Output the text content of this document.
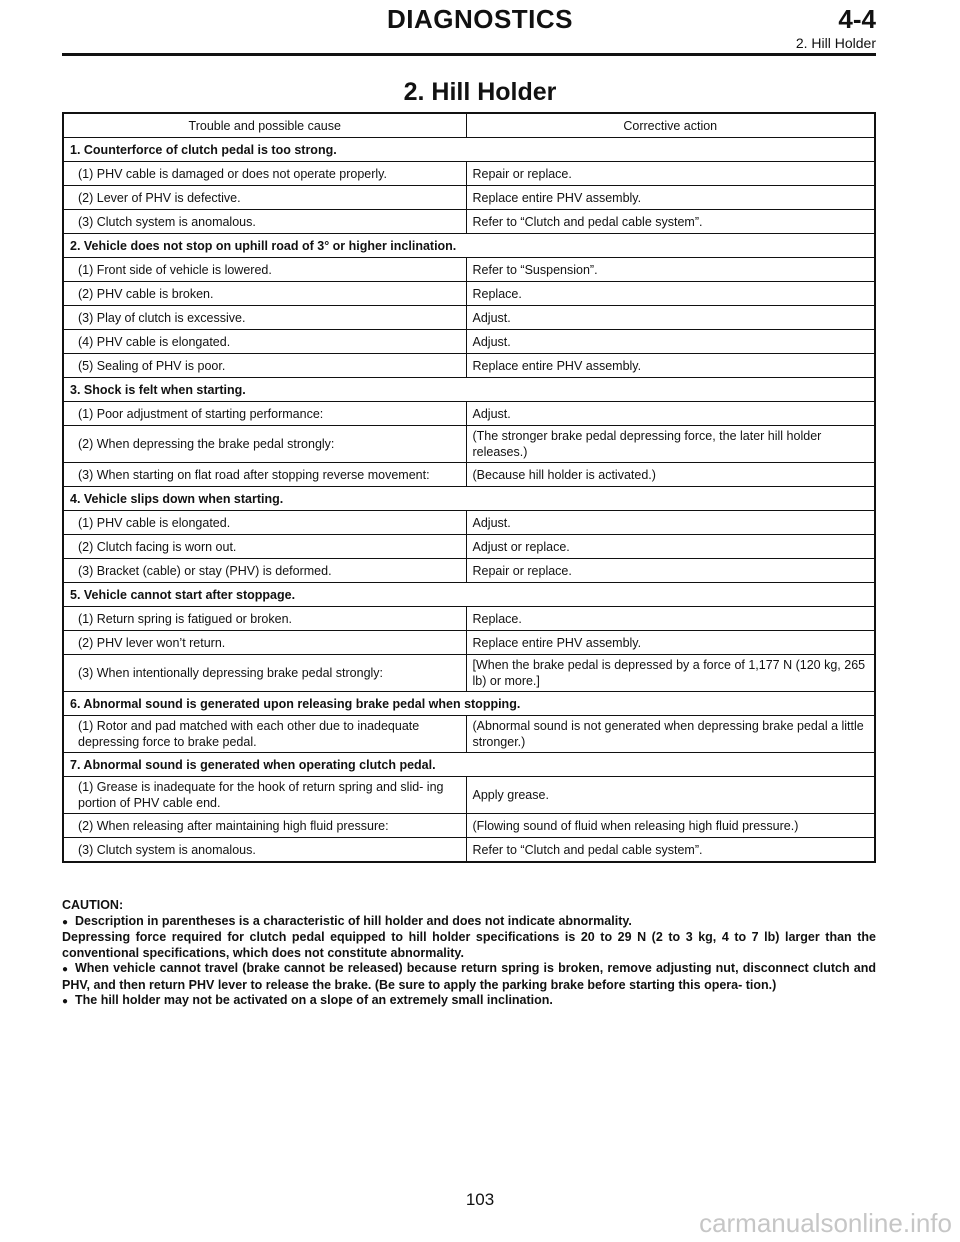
DIAGNOSTICS	4-4
2. Hill Holder
2. Hill Holder
Trouble and possible cause	Corrective action
1. Counterforce of clutch pedal is too strong.	
(1) PHV cable is damaged or does not operate properly.	Repair or replace.
(2) Lever of PHV is defective.	Replace entire PHV assembly.
(3) Clutch system is anomalous.	Refer to “Clutch and pedal cable system”.
2. Vehicle does not stop on uphill road of 3° or higher inclination.	
(1) Front side of vehicle is lowered.	Refer to “Suspension”.
(2) PHV cable is broken.	Replace.
(3) Play of clutch is excessive.	Adjust.
(4) PHV cable is elongated.	Adjust.
(5) Sealing of PHV is poor.	Replace entire PHV assembly.
3. Shock is felt when starting.	
(1) Poor adjustment of starting performance:	Adjust.
(2) When depressing the brake pedal strongly:	(The stronger brake pedal depressing force, the later hill holder releases.)
(3) When starting on flat road after stopping reverse movement:	(Because hill holder is activated.)
4. Vehicle slips down when starting.	
(1) PHV cable is elongated.	Adjust.
(2) Clutch facing is worn out.	Adjust or replace.
(3) Bracket (cable) or stay (PHV) is deformed.	Repair or replace.
5. Vehicle cannot start after stoppage.	
(1) Return spring is fatigued or broken.	Replace.
(2) PHV lever won’t return.	Replace entire PHV assembly.
(3) When intentionally depressing brake pedal strongly:	[When the brake pedal is depressed by a force of 1,177 N (120 kg, 265 lb) or more.]
6. Abnormal sound is generated upon releasing brake pedal when stopping.	
(1) Rotor and pad matched with each other due to inadequate depressing force to brake pedal.	(Abnormal sound is not generated when depressing brake pedal a little stronger.)
7. Abnormal sound is generated when operating clutch pedal.	
(1) Grease is inadequate for the hook of return spring and slid- ing portion of PHV cable end.	Apply grease.
(2) When releasing after maintaining high fluid pressure:	(Flowing sound of fluid when releasing high fluid pressure.)
(3) Clutch system is anomalous.	Refer to “Clutch and pedal cable system”.

CAUTION:

●Description in parentheses is a characteristic of hill holder and does not indicate abnormality.

Depressing force required for clutch pedal equipped to hill holder specifications is 20 to 29 N (2 to 3 kg, 4 to 7 lb) larger than the conventional specifications, which does not constitute abnormality.

●When vehicle cannot travel (brake cannot be released) because return spring is broken, remove adjusting nut, disconnect clutch and PHV, and then return PHV lever to release the brake. (Be sure to apply the parking brake before starting this opera- tion.)

●The hill holder may not be activated on a slope of an extremely small inclination.

103
carmanualsonline.info
